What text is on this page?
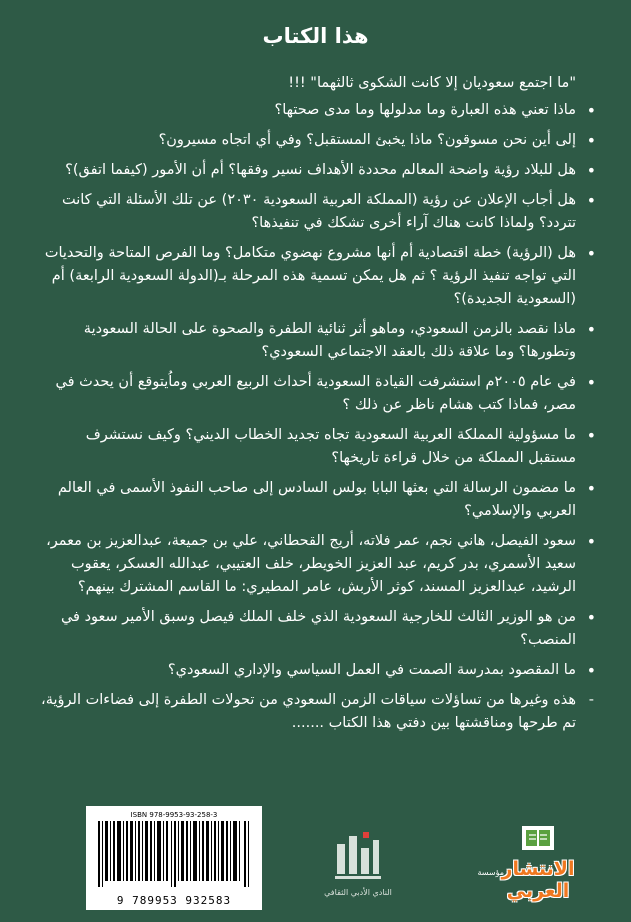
هذا الكتاب
"ما اجتمع سعوديان إلا كانت الشكوى ثالثهما" !!!
•
ماذا تعني هذه العبارة وما مدلولها وما مدى صحتها؟
•
إلى أين نحن مسوقون؟ ماذا يخبئ المستقبل؟ وفي أي اتجاه مسيرون؟
•
هل للبلاد رؤية واضحة المعالم محددة الأهداف نسير وفقها؟ أم أن الأمور (كيفما اتفق)؟
•
هل أجاب الإعلان عن رؤية (المملكة العربية السعودية ٢٠٣٠) عن تلك الأسئلة التي كانت تتردد؟ ولماذا كانت هناك آراء أخرى تشكك في تنفيذها؟
•
هل (الرؤية) خطة اقتصادية أم أنها مشروع نهضوي متكامل؟ وما الفرص المتاحة والتحديات التي تواجه تنفيذ الرؤية ؟ ثم هل يمكن تسمية هذه المرحلة بـ(الدولة السعودية الرابعة) أم (السعودية الجديدة)؟
•
ماذا نقصد بالزمن السعودي، وماهو أثر ثنائية الطفرة والصحوة على الحالة السعودية وتطورها؟ وما علاقة ذلك بالعقد الاجتماعي السعودي؟
•
في عام ٢٠٠٥م استشرفت القيادة السعودية أحداث الربيع العربي وماُيتوقع أن يحدث في مصر، فماذا كتب هشام ناظر عن ذلك ؟
•
ما مسؤولية المملكة العربية السعودية تجاه تجديد الخطاب الديني؟ وكيف نستشرف مستقبل المملكة من خلال قراءة تاريخها؟
•
ما مضمون الرسالة التي بعثها البابا بولس السادس إلى صاحب النفوذ الأسمى في العالم العربي والإسلامي؟
•
سعود الفيصل، هاني نجم، عمر فلاته، أريج القحطاني، علي بن جميعة، عبدالعزيز بن معمر، سعيد الأسمري، بدر كريم، عبد العزيز الخويطر، خلف العتيبي، عبدالله العسكر، يعقوب الرشيد، عبدالعزيز المسند، كوثر الأربش، عامر المطيري: ما القاسم المشترك بينهم؟
•
من هو الوزير الثالث للخارجية السعودية الذي خلف الملك فيصل وسبق الأمير سعود في المنصب؟
•
ما المقصود بمدرسة الصمت في العمل السياسي والإداري السعودي؟
-
هذه وغيرها من تساؤلات سياقات الزمن السعودي من تحولات الطفرة إلى فضاءات الرؤية، تم طرحها ومناقشتها بين دفتي هذا الكتاب .......
ISBN 978-9953-93-258-3
9 789953 932583
النادي الأدبي الثقافي
مؤسسة
الانتشار العربي
